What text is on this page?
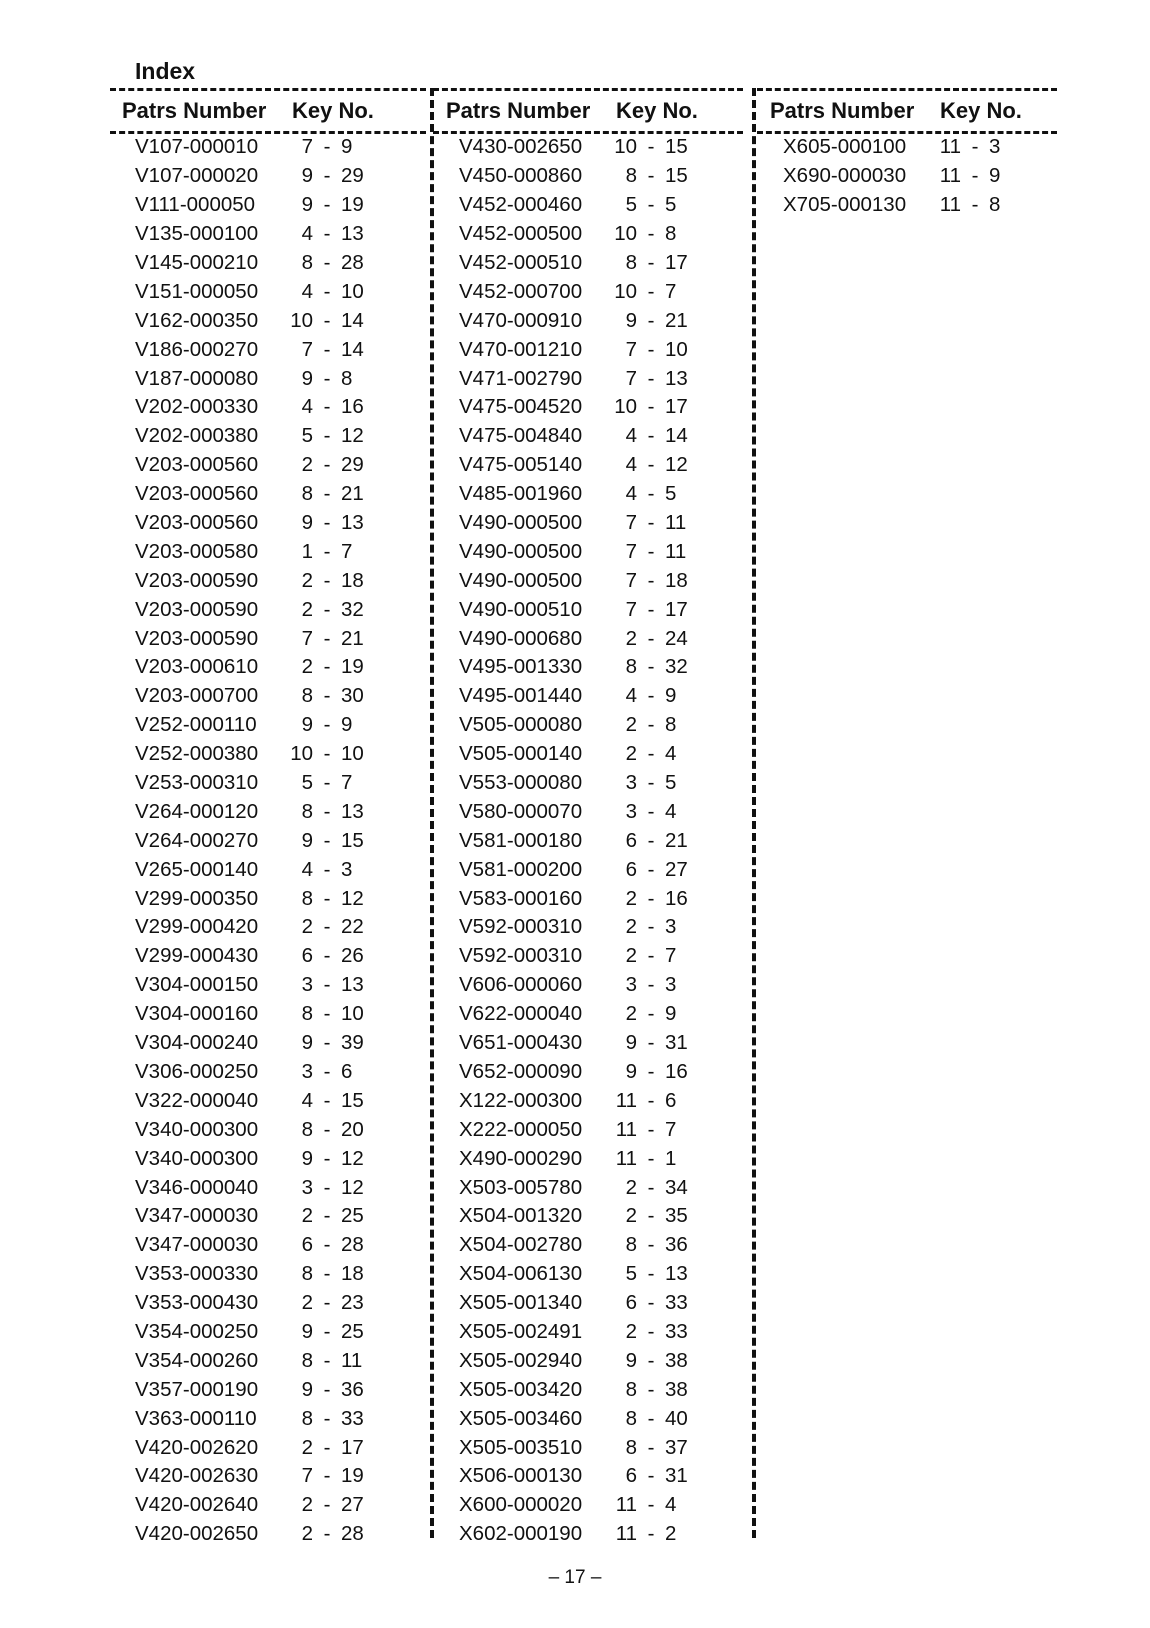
Index
Patrs Number	Key No.
V107-000010	7 - 9
V107-000020	9 - 29
V111-000050	9 - 19
V135-000100	4 - 13
V145-000210	8 - 28
V151-000050	4 - 10
V162-000350	10 - 14
V186-000270	7 - 14
V187-000080	9 - 8
V202-000330	4 - 16
V202-000380	5 - 12
V203-000560	2 - 29
V203-000560	8 - 21
V203-000560	9 - 13
V203-000580	1 - 7
V203-000590	2 - 18
V203-000590	2 - 32
V203-000590	7 - 21
V203-000610	2 - 19
V203-000700	8 - 30
V252-000110	9 - 9
V252-000380	10 - 10
V253-000310	5 - 7
V264-000120	8 - 13
V264-000270	9 - 15
V265-000140	4 - 3
V299-000350	8 - 12
V299-000420	2 - 22
V299-000430	6 - 26
V304-000150	3 - 13
V304-000160	8 - 10
V304-000240	9 - 39
V306-000250	3 - 6
V322-000040	4 - 15
V340-000300	8 - 20
V340-000300	9 - 12
V346-000040	3 - 12
V347-000030	2 - 25
V347-000030	6 - 28
V353-000330	8 - 18
V353-000430	2 - 23
V354-000250	9 - 25
V354-000260	8 - 11
V357-000190	9 - 36
V363-000110	8 - 33
V420-002620	2 - 17
V420-002630	7 - 19
V420-002640	2 - 27
V420-002650	2 - 28
Patrs Number	Key No.
V430-002650	10 - 15
V450-000860	8 - 15
V452-000460	5 - 5
V452-000500	10 - 8
V452-000510	8 - 17
V452-000700	10 - 7
V470-000910	9 - 21
V470-001210	7 - 10
V471-002790	7 - 13
V475-004520	10 - 17
V475-004840	4 - 14
V475-005140	4 - 12
V485-001960	4 - 5
V490-000500	7 - 11
V490-000500	7 - 11
V490-000500	7 - 18
V490-000510	7 - 17
V490-000680	2 - 24
V495-001330	8 - 32
V495-001440	4 - 9
V505-000080	2 - 8
V505-000140	2 - 4
V553-000080	3 - 5
V580-000070	3 - 4
V581-000180	6 - 21
V581-000200	6 - 27
V583-000160	2 - 16
V592-000310	2 - 3
V592-000310	2 - 7
V606-000060	3 - 3
V622-000040	2 - 9
V651-000430	9 - 31
V652-000090	9 - 16
X122-000300	11 - 6
X222-000050	11 - 7
X490-000290	11 - 1
X503-005780	2 - 34
X504-001320	2 - 35
X504-002780	8 - 36
X504-006130	5 - 13
X505-001340	6 - 33
X505-002491	2 - 33
X505-002940	9 - 38
X505-003420	8 - 38
X505-003460	8 - 40
X505-003510	8 - 37
X506-000130	6 - 31
X600-000020	11 - 4
X602-000190	11 - 2
Patrs Number	Key No.
X605-000100	11 - 3
X690-000030	11 - 9
X705-000130	11 - 8
– 17 –
